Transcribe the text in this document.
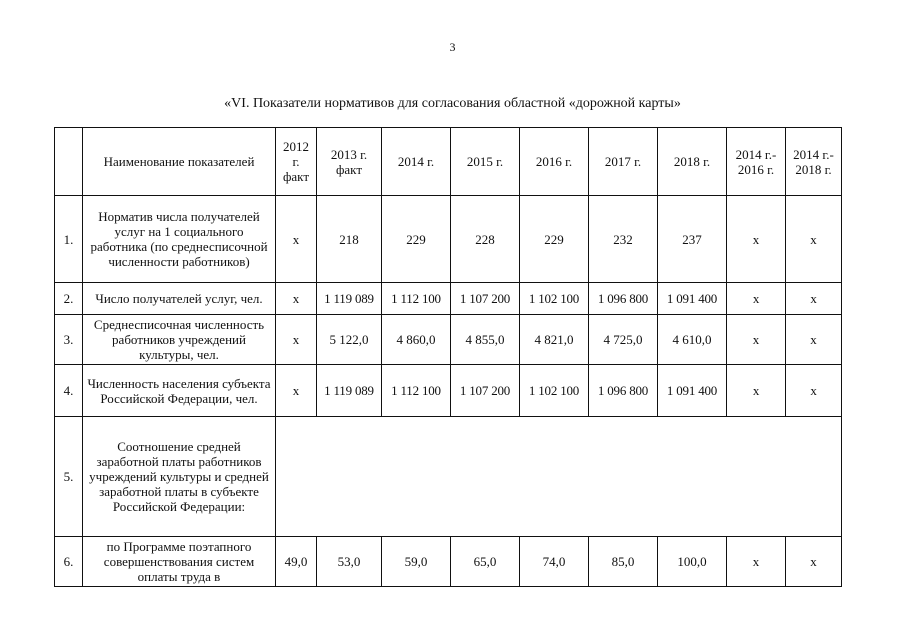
3
«VI. Показатели нормативов для согласования областной «дорожной карты»
	Наименование показателей	2012 г. факт	2013 г. факт	2014 г.	2015 г.	2016 г.	2017 г.	2018 г.	2014 г.- 2016 г.	2014 г.- 2018 г.
1.	Норматив числа получателей услуг на 1 социального работника (по среднесписочной численности работников)	х	218	229	228	229	232	237	х	х
2.	Число получателей услуг, чел.	х	1 119 089	1 112 100	1 107 200	1 102 100	1 096 800	1 091 400	х	х
3.	Среднесписочная численность работников учреждений культуры, чел.	х	5 122,0	4 860,0	4 855,0	4 821,0	4 725,0	4 610,0	х	х
4.	Численность населения субъекта Российской Федерации, чел.	х	1 119 089	1 112 100	1 107 200	1 102 100	1 096 800	1 091 400	х	х
5.	Соотношение средней заработной платы работников учреждений культуры и средней заработной платы в субъекте Российской Федерации:									
6.	по Программе поэтапного совершенствования систем оплаты труда в	49,0	53,0	59,0	65,0	74,0	85,0	100,0	х	х
